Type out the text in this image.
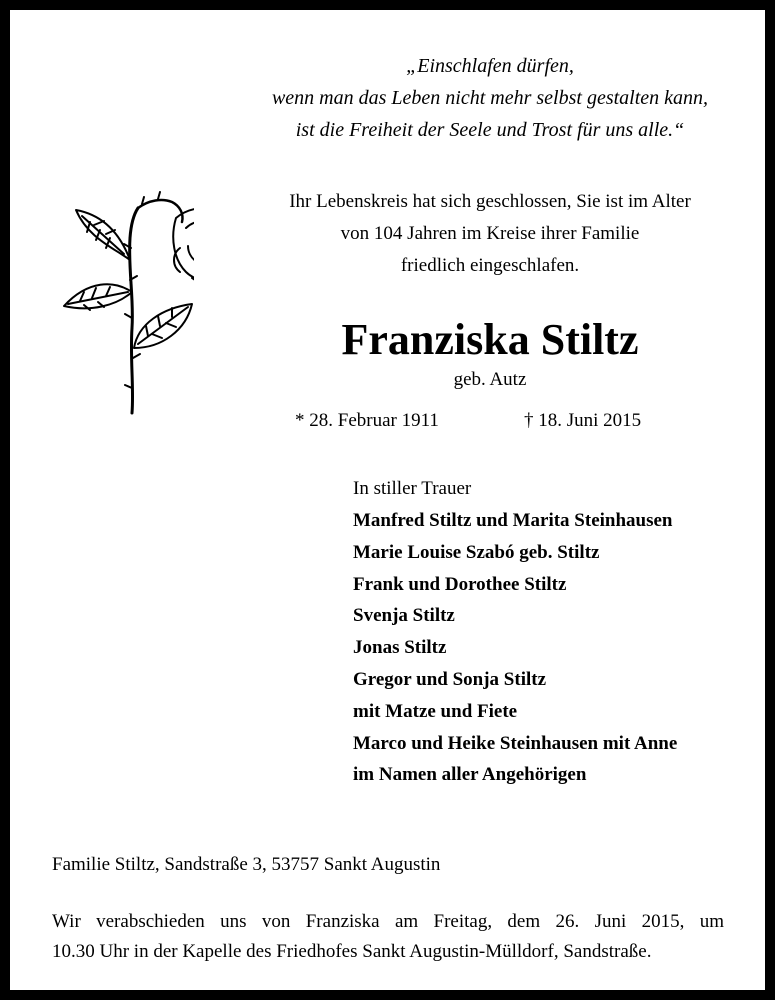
„Einschlafen dürfen,
wenn man das Leben nicht mehr selbst gestalten kann,
ist die Freiheit der Seele und Trost für uns alle.“
Ihr Lebenskreis hat sich geschlossen, Sie ist im Alter
von 104 Jahren im Kreise ihrer Familie
friedlich eingeschlafen.
Franziska Stiltz
geb. Autz
* 28. Februar 1911	† 18. Juni 2015
In stiller Trauer
Manfred Stiltz und Marita Steinhausen
Marie Louise Szabó geb. Stiltz
Frank und Dorothee Stiltz
Svenja Stiltz
Jonas Stiltz
Gregor und Sonja Stiltz
mit Matze und Fiete
Marco und Heike Steinhausen mit Anne
im Namen aller Angehörigen
Familie Stiltz, Sandstraße 3, 53757 Sankt Augustin
Wir verabschieden uns von Franziska am Freitag, dem 26. Juni 2015, um
10.30 Uhr in der Kapelle des Friedhofes Sankt Augustin-Mülldorf, Sandstraße.
